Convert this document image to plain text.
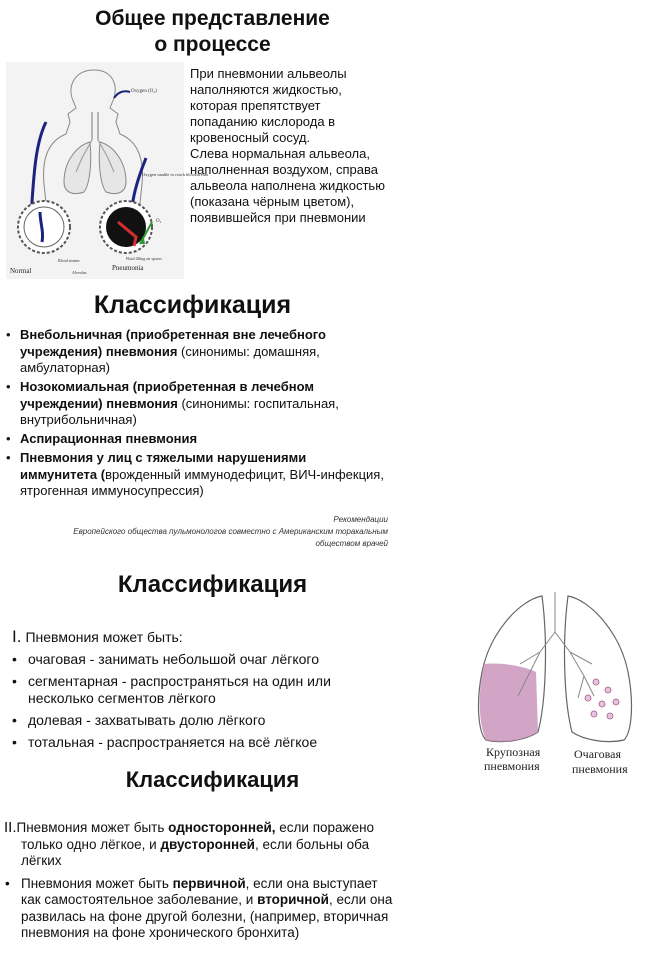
Общее представление
о процессе
Oxygen (O₂)
Oxygen unable to reach bloodstream
O₂
Normal
Blood stream
Alveolus
Pneumonia
Fluid filling air spaces

При пневмонии альвеолы наполняются жидкостью, которая препятствует попаданию кислорода в кровеносный сосуд.

Слева нормальная альвеола, наполненная воздухом, справа альвеола наполнена жидкостью (показана чёрным цветом), появившейся при пневмонии

Классификация
• Внебольничная (приобретенная вне лечебного учреждения) пневмония (синонимы: домашняя, амбулаторная)
• Нозокомиальная (приобретенная в лечебном учреждении) пневмония (синонимы: госпитальная, внутрибольничная)
• Аспирационная пневмония
• Пневмония у лиц с тяжелыми нарушениями иммунитета (врожденный иммунодефицит, ВИЧ-инфекция, ятрогенная иммуносупрессия)
Рекомендации
Европейского общества пульмонологов совместно с Американским торакальным обществом врачей
Классификация

I. Пневмония может быть:

• очаговая - занимать небольшой очаг лёгкого
• сегментарная - распространяться на один или несколько сегментов лёгкого
• долевая - захватывать долю лёгкого
• тотальная - распространяется на всё лёгкое
Крупозная
пневмония
Очаговая
пневмония
Классификация

II.Пневмония может быть односторонней, если поражено только одно лёгкое, и двусторонней, если больны оба лёгких

• Пневмония может быть первичной, если она выступает как самостоятельное заболевание, и вторичной, если она развилась на фоне другой болезни, (например, вторичная пневмония на фоне хронического бронхита)
